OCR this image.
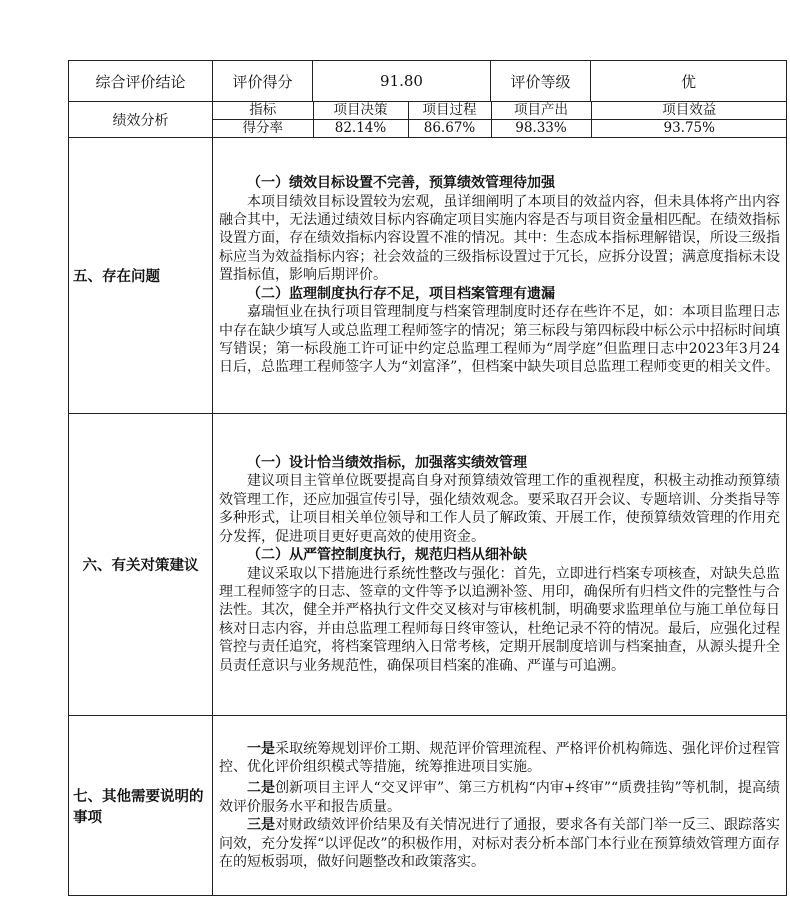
综合评价结论	评价得分	91.80	评价等级	优
绩效分析	
指标	项目决策	项目过程	项目产出	项目效益
得分率	82.14%	86.67%	98.33%	93.75%

五、存在问题	

（一）绩效目标设置不完善，预算绩效管理待加强

本项目绩效目标设置较为宏观，虽详细阐明了本项目的效益内容，但未具体将产出内容融合其中，无法通过绩效目标内容确定项目实施内容是否与项目资金量相匹配。在绩效指标设置方面，存在绩效指标内容设置不准的情况。其中：生态成本指标理解错误，所设三级指标应当为效益指标内容；社会效益的三级指标设置过于冗长，应拆分设置；满意度指标未设置指标值，影响后期评价。

（二）监理制度执行存不足，项目档案管理有遗漏

嘉瑞恒业在执行项目管理制度与档案管理制度时还存在些许不足，如：本项目监理日志中存在缺少填写人或总监理工程师签字的情况；第三标段与第四标段中标公示中招标时间填写错误；第一标段施工许可证中约定总监理工程师为“周学庭”但监理日志中2023年3月24日后，总监理工程师签字人为“刘富泽”，但档案中缺失项目总监理工程师变更的相关文件。

六、有关对策建议	

（一）设计恰当绩效指标，加强落实绩效管理

建议项目主管单位既要提高自身对预算绩效管理工作的重视程度，积极主动推动预算绩效管理工作，还应加强宣传引导，强化绩效观念。要采取召开会议、专题培训、分类指导等多种形式，让项目相关单位领导和工作人员了解政策、开展工作，使预算绩效管理的作用充分发挥，促进项目更好更高效的使用资金。

（二）从严管控制度执行，规范归档从细补缺

建议采取以下措施进行系统性整改与强化：首先，立即进行档案专项核查，对缺失总监理工程师签字的日志、签章的文件等予以追溯补签、用印，确保所有归档文件的完整性与合法性。其次，健全并严格执行文件交叉核对与审核机制，明确要求监理单位与施工单位每日核对日志内容，并由总监理工程师每日终审签认，杜绝记录不符的情况。最后，应强化过程管控与责任追究，将档案管理纳入日常考核，定期开展制度培训与档案抽查，从源头提升全员责任意识与业务规范性，确保项目档案的准确、严谨与可追溯。

七、其他需要说明的事项	

一是采取统筹规划评价工期、规范评价管理流程、严格评价机构筛选、强化评价过程管控、优化评价组织模式等措施，统筹推进项目实施。

二是创新项目主评人“交叉评审”、第三方机构“内审+终审”“质费挂钩”等机制，提高绩效评价服务水平和报告质量。

三是对财政绩效评价结果及有关情况进行了通报，要求各有关部门举一反三、跟踪落实问效，充分发挥“以评促改”的积极作用，对标对表分析本部门本行业在预算绩效管理方面存在的短板弱项，做好问题整改和政策落实。
